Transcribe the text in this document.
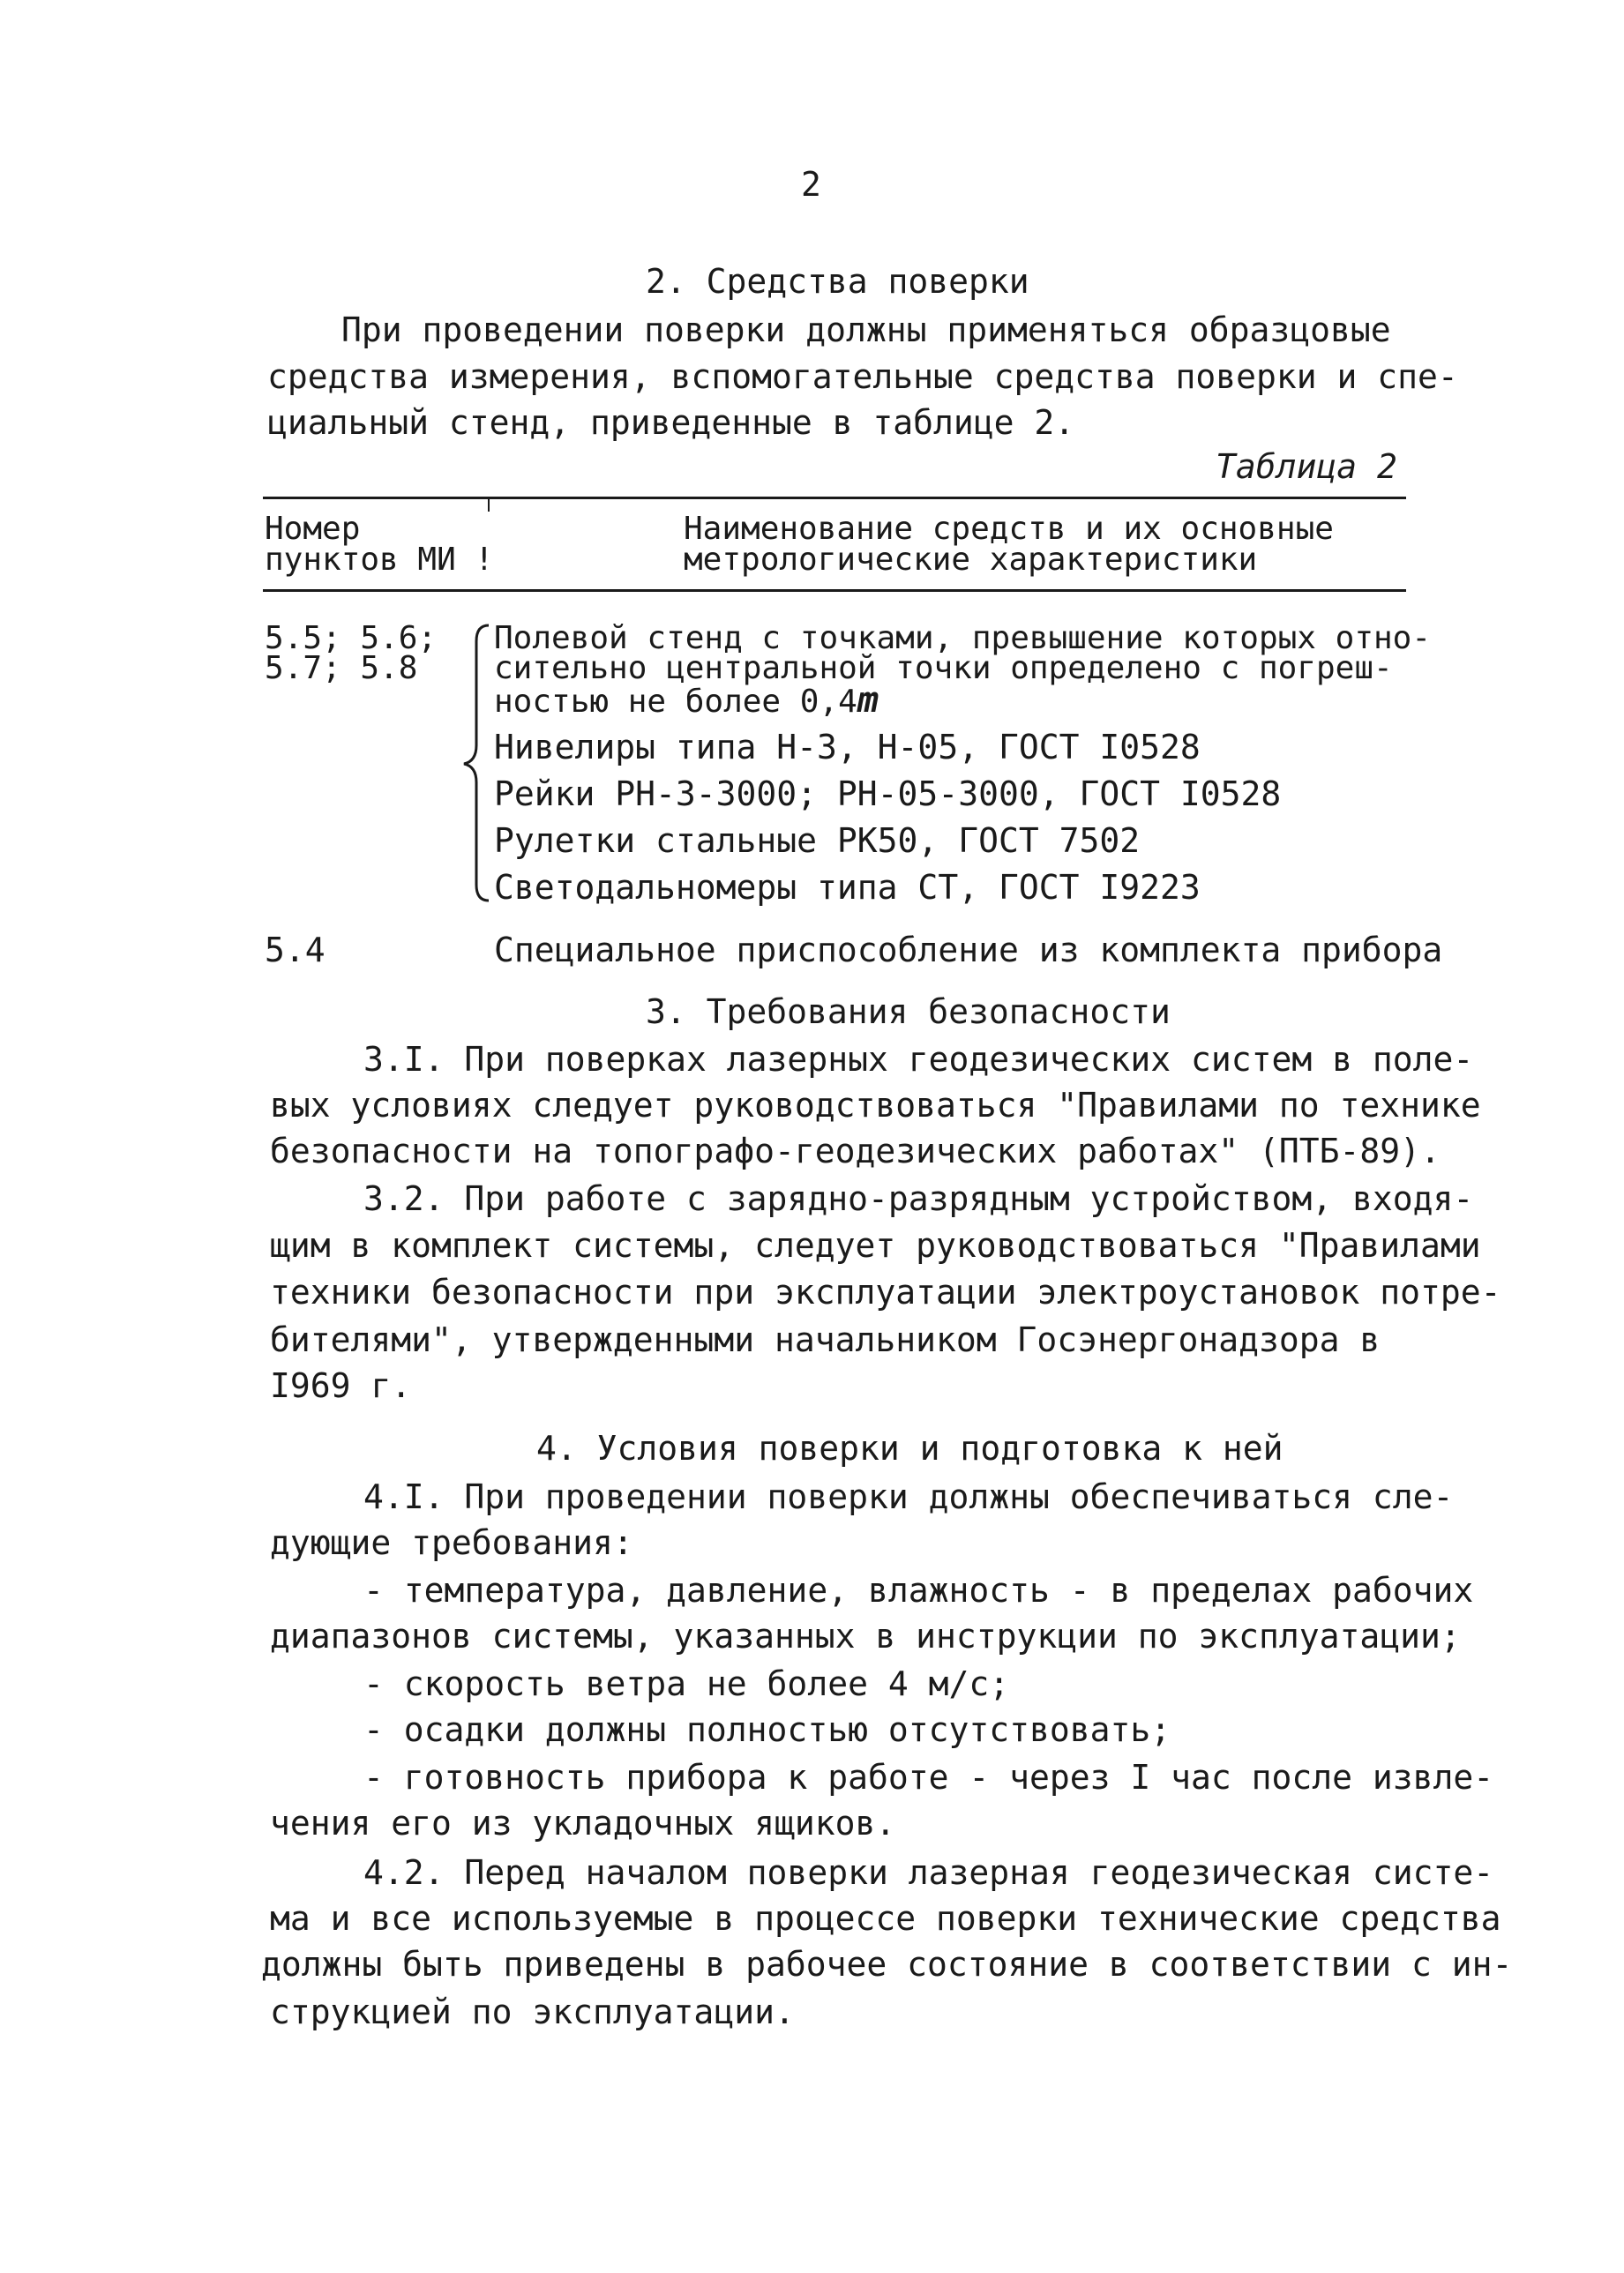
2
2. Средства поверки
При проведении поверки должны применяться образцовые
средства измерения, вспомогательные средства поверки и спе-
циальный стенд, приведенные в таблице 2.
Таблица 2
Номер
пунктов МИ !
Наименование средств и их основные
метрологические характеристики
5.5; 5.6;
5.7; 5.8
Полевой стенд с точками, превышение которых отно-
сительно центральной точки определено с погреш-
ностью не более 0,4m
Нивелиры типа Н-3, Н-05, ГОСТ I0528
Рейки РН-3-3000; РН-05-3000, ГОСТ I0528
Рулетки стальные РК50, ГОСТ 7502
Светодальномеры типа СТ, ГОСТ I9223
5.4	Специальное приспособление из комплекта прибора
3. Требования безопасности
3.I. При поверках лазерных геодезических систем в поле-
вых условиях следует руководствоваться "Правилами по технике
безопасности на топографо-геодезических работах" (ПТБ-89).
3.2. При работе с зарядно-разрядным устройством, входя-
щим в комплект системы, следует руководствоваться "Правилами
техники безопасности при эксплуатации электроустановок потре-
бителями", утвержденными начальником Госэнергонадзора в
I969 г.
4. Условия поверки и подготовка к ней
4.I. При проведении поверки должны обеспечиваться сле-
дующие требования:
- температура, давление, влажность - в пределах рабочих
диапазонов системы, указанных в инструкции по эксплуатации;
- скорость ветра не более 4 м/с;
- осадки должны полностью отсутствовать;
- готовность прибора к работе - через I час после извле-
чения его из укладочных ящиков.
4.2. Перед началом поверки лазерная геодезическая систе-
ма и все используемые в процессе поверки технические средства
должны быть приведены в рабочее состояние в соответствии с ин-
струкцией по эксплуатации.
